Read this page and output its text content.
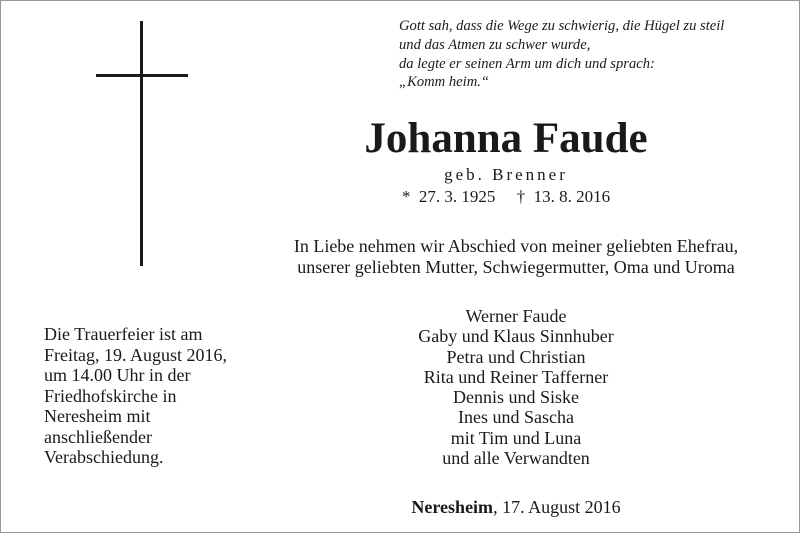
Gott sah, dass die Wege zu schwierig, die Hügel zu steil
und das Atmen zu schwer wurde,
da legte er seinen Arm um dich und sprach:
„Komm heim.“
Johanna Faude
geb. Brenner
*  27. 3. 1925 †  13. 8. 2016
In Liebe nehmen wir Abschied von meiner geliebten Ehefrau,
unserer geliebten Mutter, Schwiegermutter, Oma und Uroma
Die Trauerfeier ist am
Freitag, 19. August 2016,
um 14.00 Uhr in der
Friedhofskirche in
Neresheim mit
anschließender
Verabschiedung.
Werner Faude
Gaby und Klaus Sinnhuber
Petra und Christian
Rita und Reiner Tafferner
Dennis und Siske
Ines und Sascha
mit Tim und Luna
und alle Verwandten
Neresheim, 17. August 2016
